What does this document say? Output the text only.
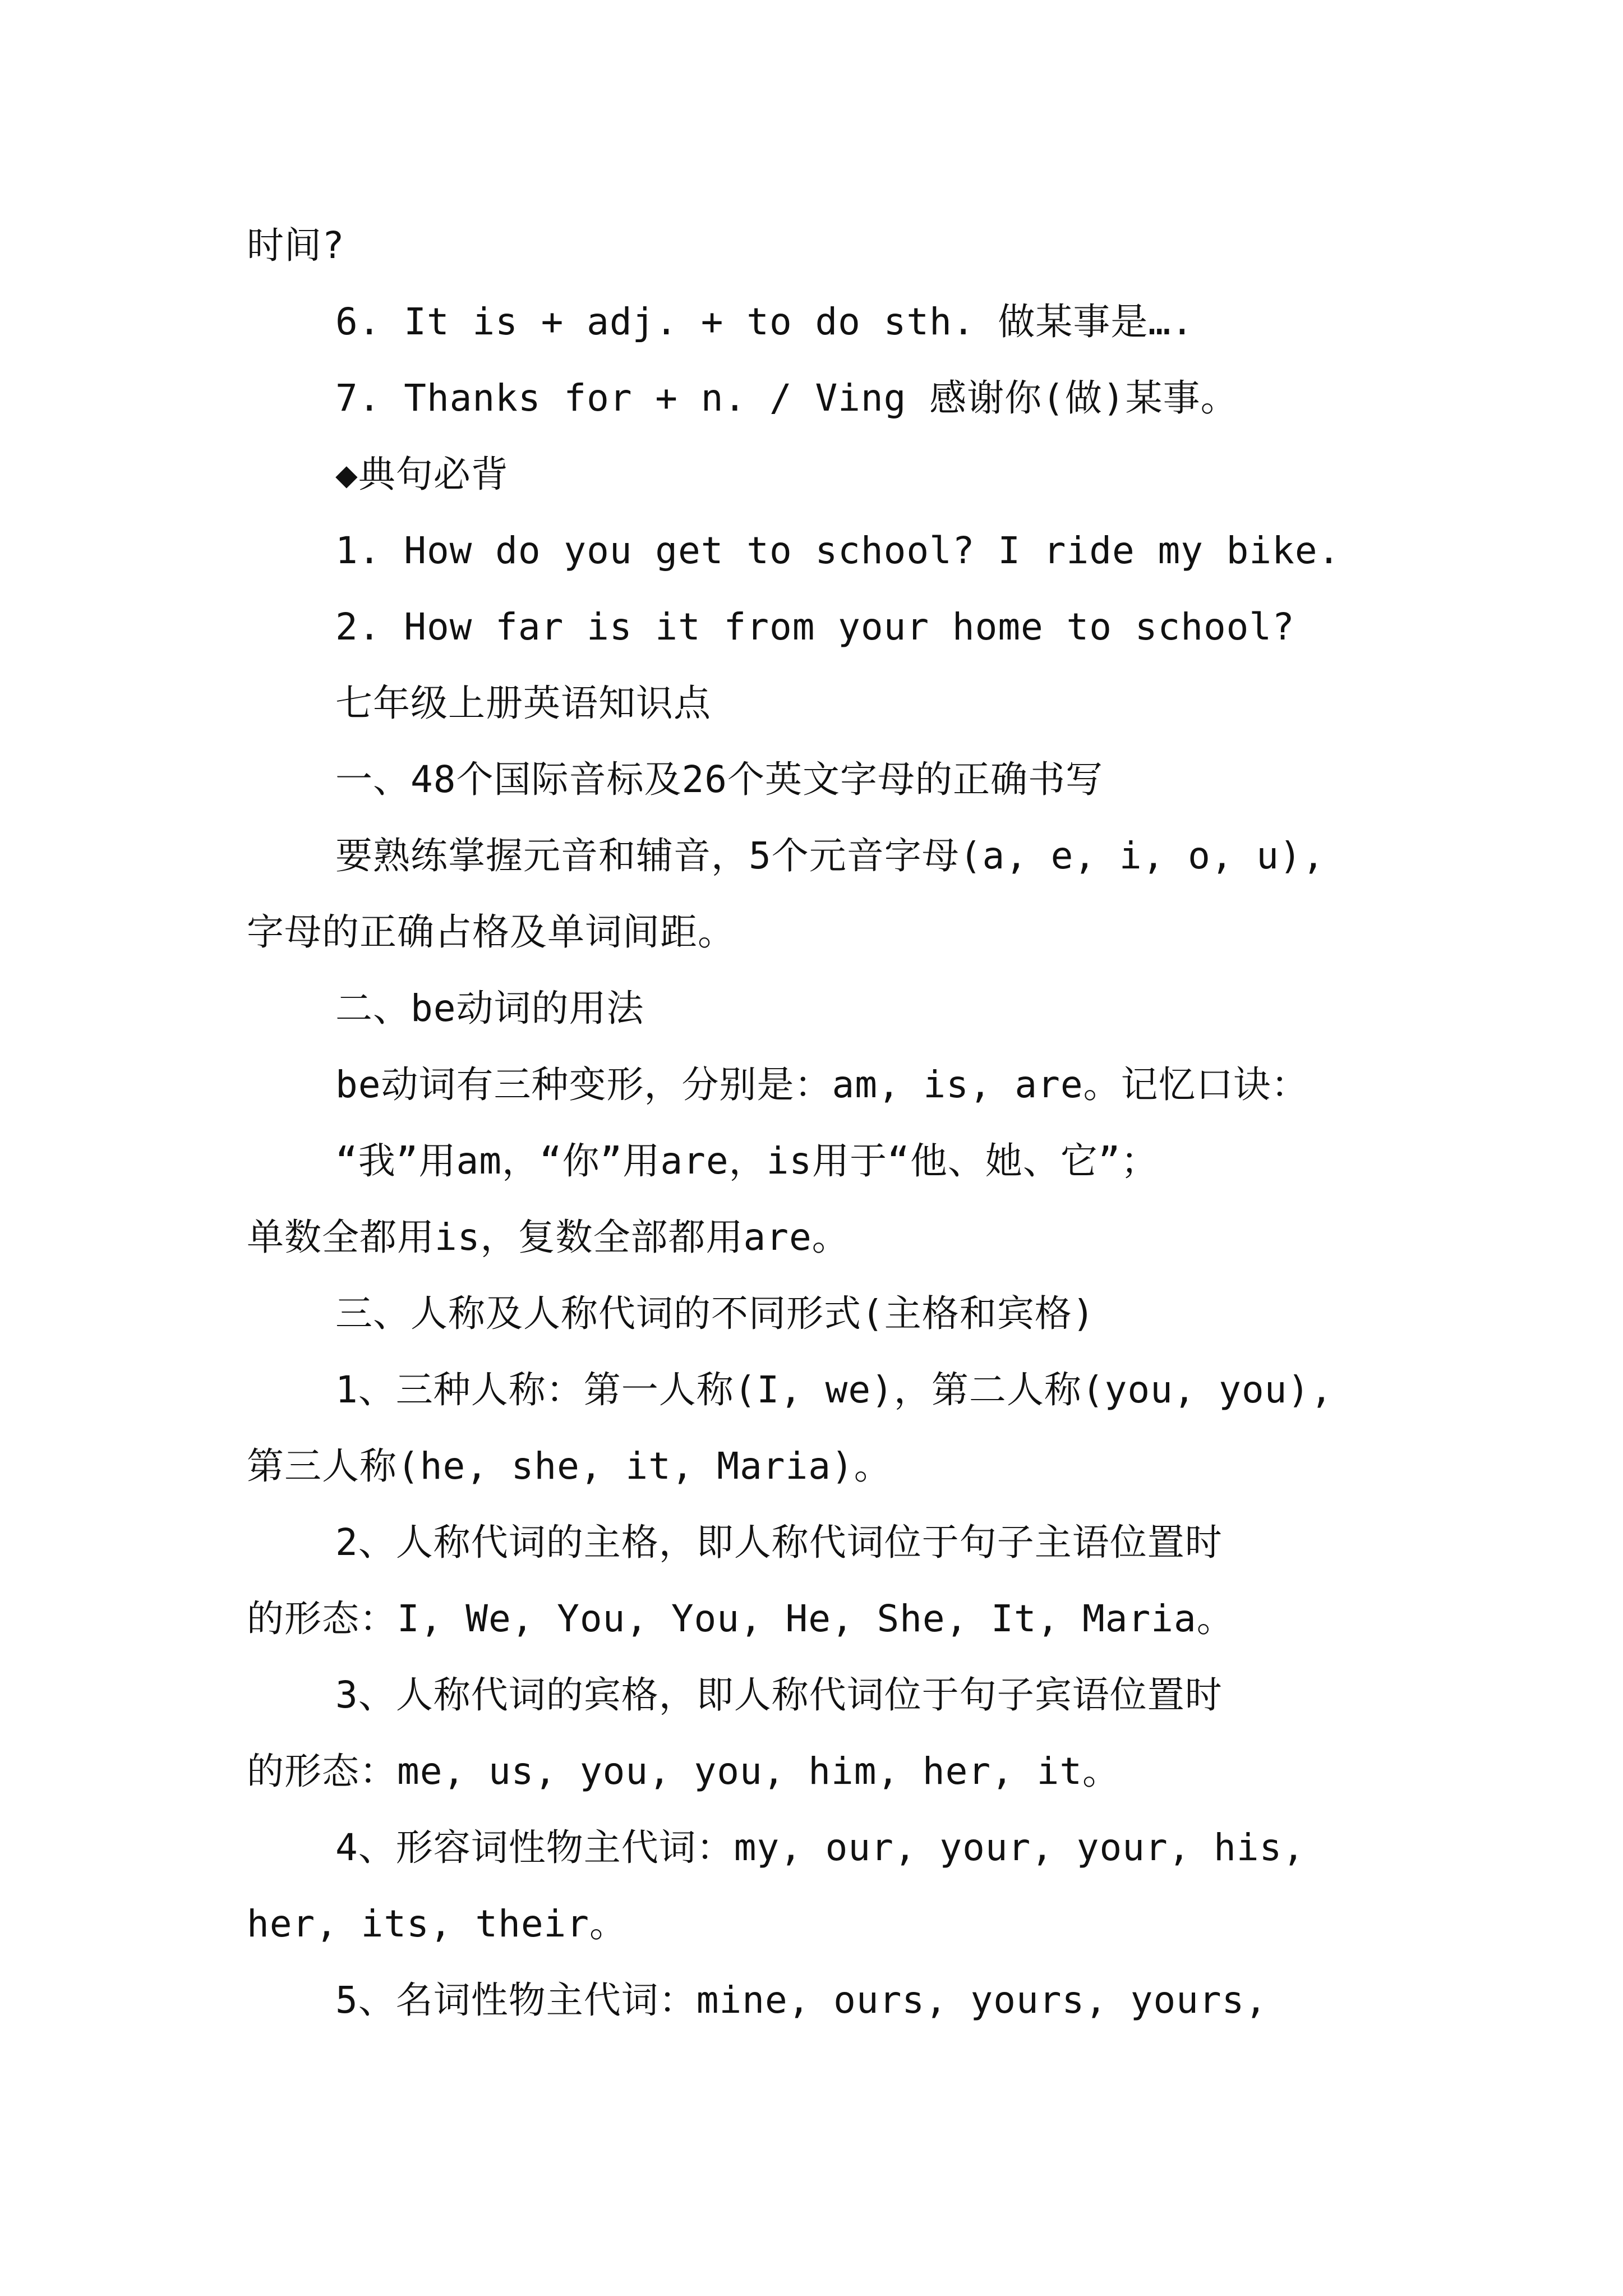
时间?
6. It is + adj. + to do sth. 做某事是….
7. Thanks for + n. / Ving 感谢你(做)某事。
◆典句必背
1. How do you get to school? I ride my bike.
2. How far is it from your home to school?
七年级上册英语知识点
一、48个国际音标及26个英文字母的正确书写
要熟练掌握元音和辅音，5个元音字母(a, e, i, o, u),
字母的正确占格及单词间距。
二、be动词的用法
be动词有三种变形，分别是：am, is, are。记忆口诀：
“我”用am，“你”用are，is用于“他、她、它”；
单数全都用is，复数全部都用are。
三、人称及人称代词的不同形式(主格和宾格)
1、三种人称：第一人称(I, we)，第二人称(you, you),
第三人称(he, she, it, Maria)。
2、人称代词的主格，即人称代词位于句子主语位置时
的形态：I, We, You, You, He, She, It, Maria。
3、人称代词的宾格，即人称代词位于句子宾语位置时
的形态：me, us, you, you, him, her, it。
4、形容词性物主代词：my, our, your, your, his,
her, its, their。
5、名词性物主代词：mine, ours, yours, yours,
